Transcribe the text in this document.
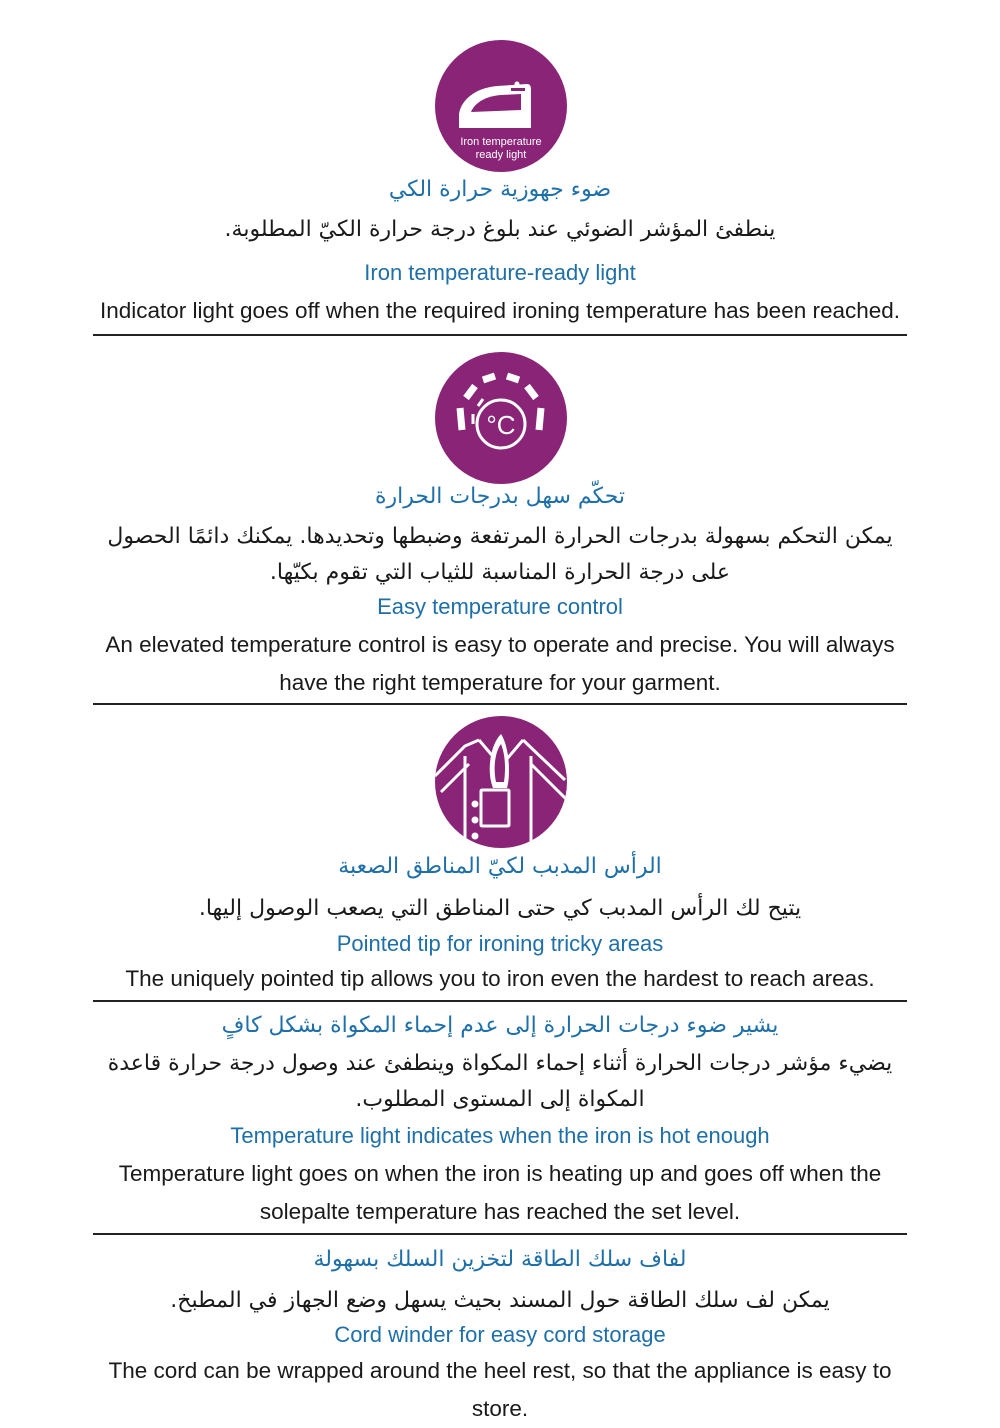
Iron temperature
ready light
ضوء جهوزية حرارة الكي
ينطفئ المؤشر الضوئي عند بلوغ درجة حرارة الكيّ المطلوبة.
Iron temperature-ready light
Indicator light goes off when the required ironing temperature has been reached.
°C
تحكّم سهل بدرجات الحرارة
يمكن التحكم بسهولة بدرجات الحرارة المرتفعة وضبطها وتحديدها. يمكنك دائمًا الحصول على درجة الحرارة المناسبة للثياب التي تقوم بكيّها.
Easy temperature control
An elevated temperature control is easy to operate and precise. You will always have the right temperature for your garment.
الرأس المدبب لكيّ المناطق الصعبة
يتيح لك الرأس المدبب كي حتى المناطق التي يصعب الوصول إليها.
Pointed tip for ironing tricky areas
The uniquely pointed tip allows you to iron even the hardest to reach areas.
يشير ضوء درجات الحرارة إلى عدم إحماء المكواة بشكل كافٍ
يضيء مؤشر درجات الحرارة أثناء إحماء المكواة وينطفئ عند وصول درجة حرارة قاعدة المكواة إلى المستوى المطلوب.
Temperature light indicates when the iron is hot enough
Temperature light goes on when the iron is heating up and goes off when the solepalte temperature has reached the set level.
لفاف سلك الطاقة لتخزين السلك بسهولة
يمكن لف سلك الطاقة حول المسند بحيث يسهل وضع الجهاز في المطبخ.
Cord winder for easy cord storage
The cord can be wrapped around the heel rest, so that the appliance is easy to store.
